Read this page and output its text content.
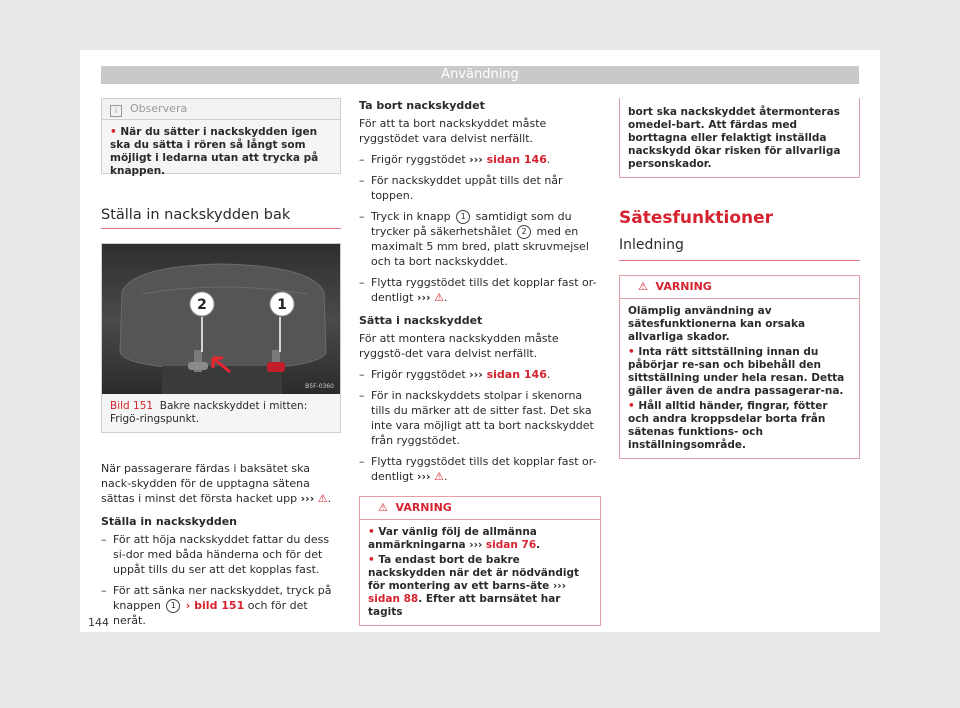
Användning
i Observera
• När du sätter i nackskydden igen ska du sätta i rören så långt som möjligt i ledarna utan att trycka på knappen.
Ställa in nackskydden bak
2	1
B5F-0360
Bild 151 Bakre nackskyddet i mitten: Frigö-ringspunkt.

När passagerare färdas i baksätet ska nack-skydden för de upptagna sätena sättas i minst det första hacket upp ››› ⚠.

Ställa in nackskydden

– För att höja nackskyddet fattar du dess si-dor med båda händerna och för det uppåt tills du ser att det kopplas fast.
– För att sänka ner nackskyddet, tryck på knappen 1 › bild 151 och för det neråt.

Ta bort nackskyddet

För att ta bort nackskyddet måste ryggstödet vara delvist nerfällt.

– Frigör ryggstödet ››› sidan 146.
– För nackskyddet uppåt tills det når toppen.
– Tryck in knapp 1 samtidigt som du trycker på säkerhetshålet 2 med en maximalt 5 mm bred, platt skruvmejsel och ta bort nackskyddet.
– Flytta ryggstödet tills det kopplar fast or-dentligt ››› ⚠.

Sätta i nackskyddet

För att montera nackskydden måste ryggstö-det vara delvist nerfällt.

– Frigör ryggstödet ››› sidan 146.
– För in nackskyddets stolpar i skenorna tills du märker att de sitter fast. Det ska inte vara möjligt att ta bort nackskyddet från ryggstödet.
– Flytta ryggstödet tills det kopplar fast or-dentligt ››› ⚠.
⚠ VARNING
• Var vänlig följ de allmänna anmärkningarna ››› sidan 76.
• Ta endast bort de bakre nackskydden när det är nödvändigt för montering av ett barns-äte ››› sidan 88. Efter att barnsätet har tagits
bort ska nackskyddet återmonteras omedel-bart. Att färdas med borttagna eller felaktigt inställda nackskydd ökar risken för allvarliga personskador.
Sätesfunktioner
Inledning
⚠ VARNING
Olämplig användning av sätesfunktionerna kan orsaka allvarliga skador.
• Inta rätt sittställning innan du påbörjar re-san och bibehåll den sittställning under hela resan. Detta gäller även de andra passagerar-na.
• Håll alltid händer, fingrar, fötter och andra kroppsdelar borta från sätenas funktions- och inställningsområde.
144
